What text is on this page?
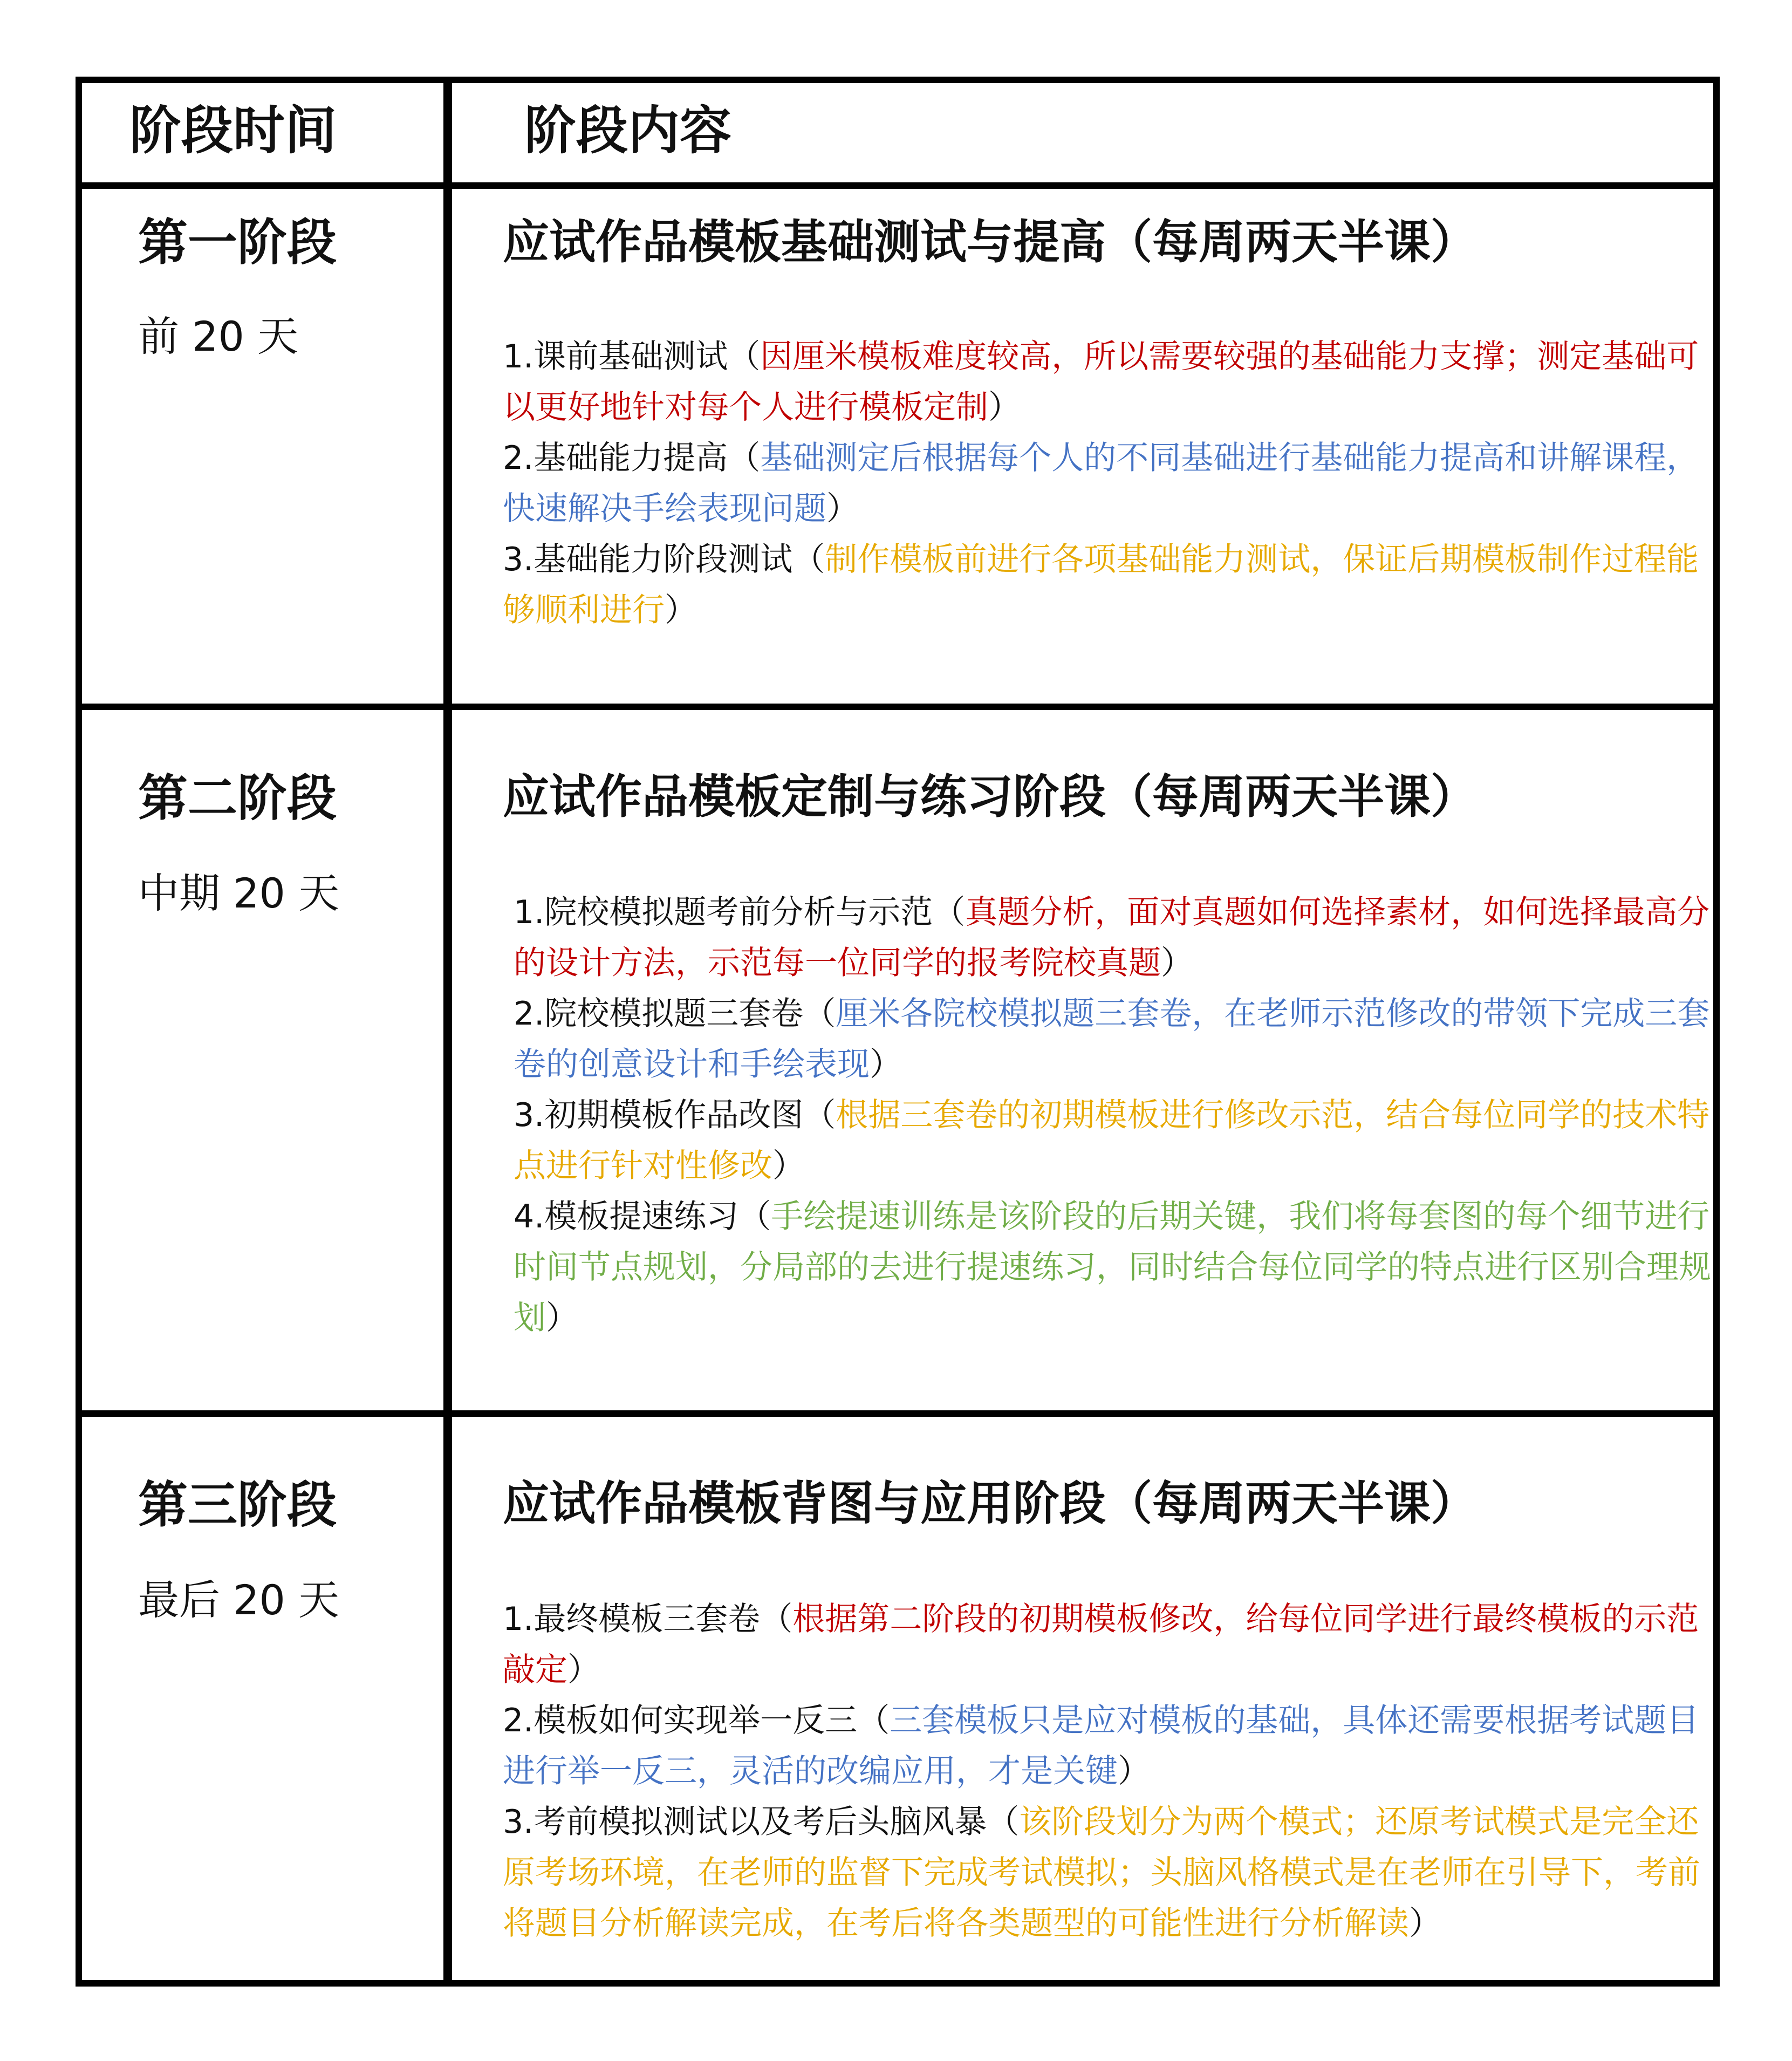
阶段时间	阶段内容
第一阶段
前 20 天
应试作品模板基础测试与提高（每周两天半课）
1.课前基础测试（因厘米模板难度较高，所以需要较强的基础能力支撑；测定基础可以更好地针对每个人进行模板定制）
2.基础能力提高（基础测定后根据每个人的不同基础进行基础能力提高和讲解课程，快速解决手绘表现问题）
3.基础能力阶段测试（制作模板前进行各项基础能力测试，保证后期模板制作过程能够顺利进行）
第二阶段
中期 20 天
应试作品模板定制与练习阶段（每周两天半课）
1.院校模拟题考前分析与示范（真题分析，面对真题如何选择素材，如何选择最高分的设计方法，示范每一位同学的报考院校真题）
2.院校模拟题三套卷（厘米各院校模拟题三套卷，在老师示范修改的带领下完成三套卷的创意设计和手绘表现）
3.初期模板作品改图（根据三套卷的初期模板进行修改示范，结合每位同学的技术特点进行针对性修改）
4.模板提速练习（手绘提速训练是该阶段的后期关键，我们将每套图的每个细节进行时间节点规划，分局部的去进行提速练习，同时结合每位同学的特点进行区别合理规划）
第三阶段
最后 20 天
应试作品模板背图与应用阶段（每周两天半课）
1.最终模板三套卷（根据第二阶段的初期模板修改，给每位同学进行最终模板的示范敲定）
2.模板如何实现举一反三（三套模板只是应对模板的基础，具体还需要根据考试题目进行举一反三，灵活的改编应用，才是关键）
3.考前模拟测试以及考后头脑风暴（该阶段划分为两个模式；还原考试模式是完全还原考场环境，在老师的监督下完成考试模拟；头脑风格模式是在老师在引导下，考前将题目分析解读完成，在考后将各类题型的可能性进行分析解读）
